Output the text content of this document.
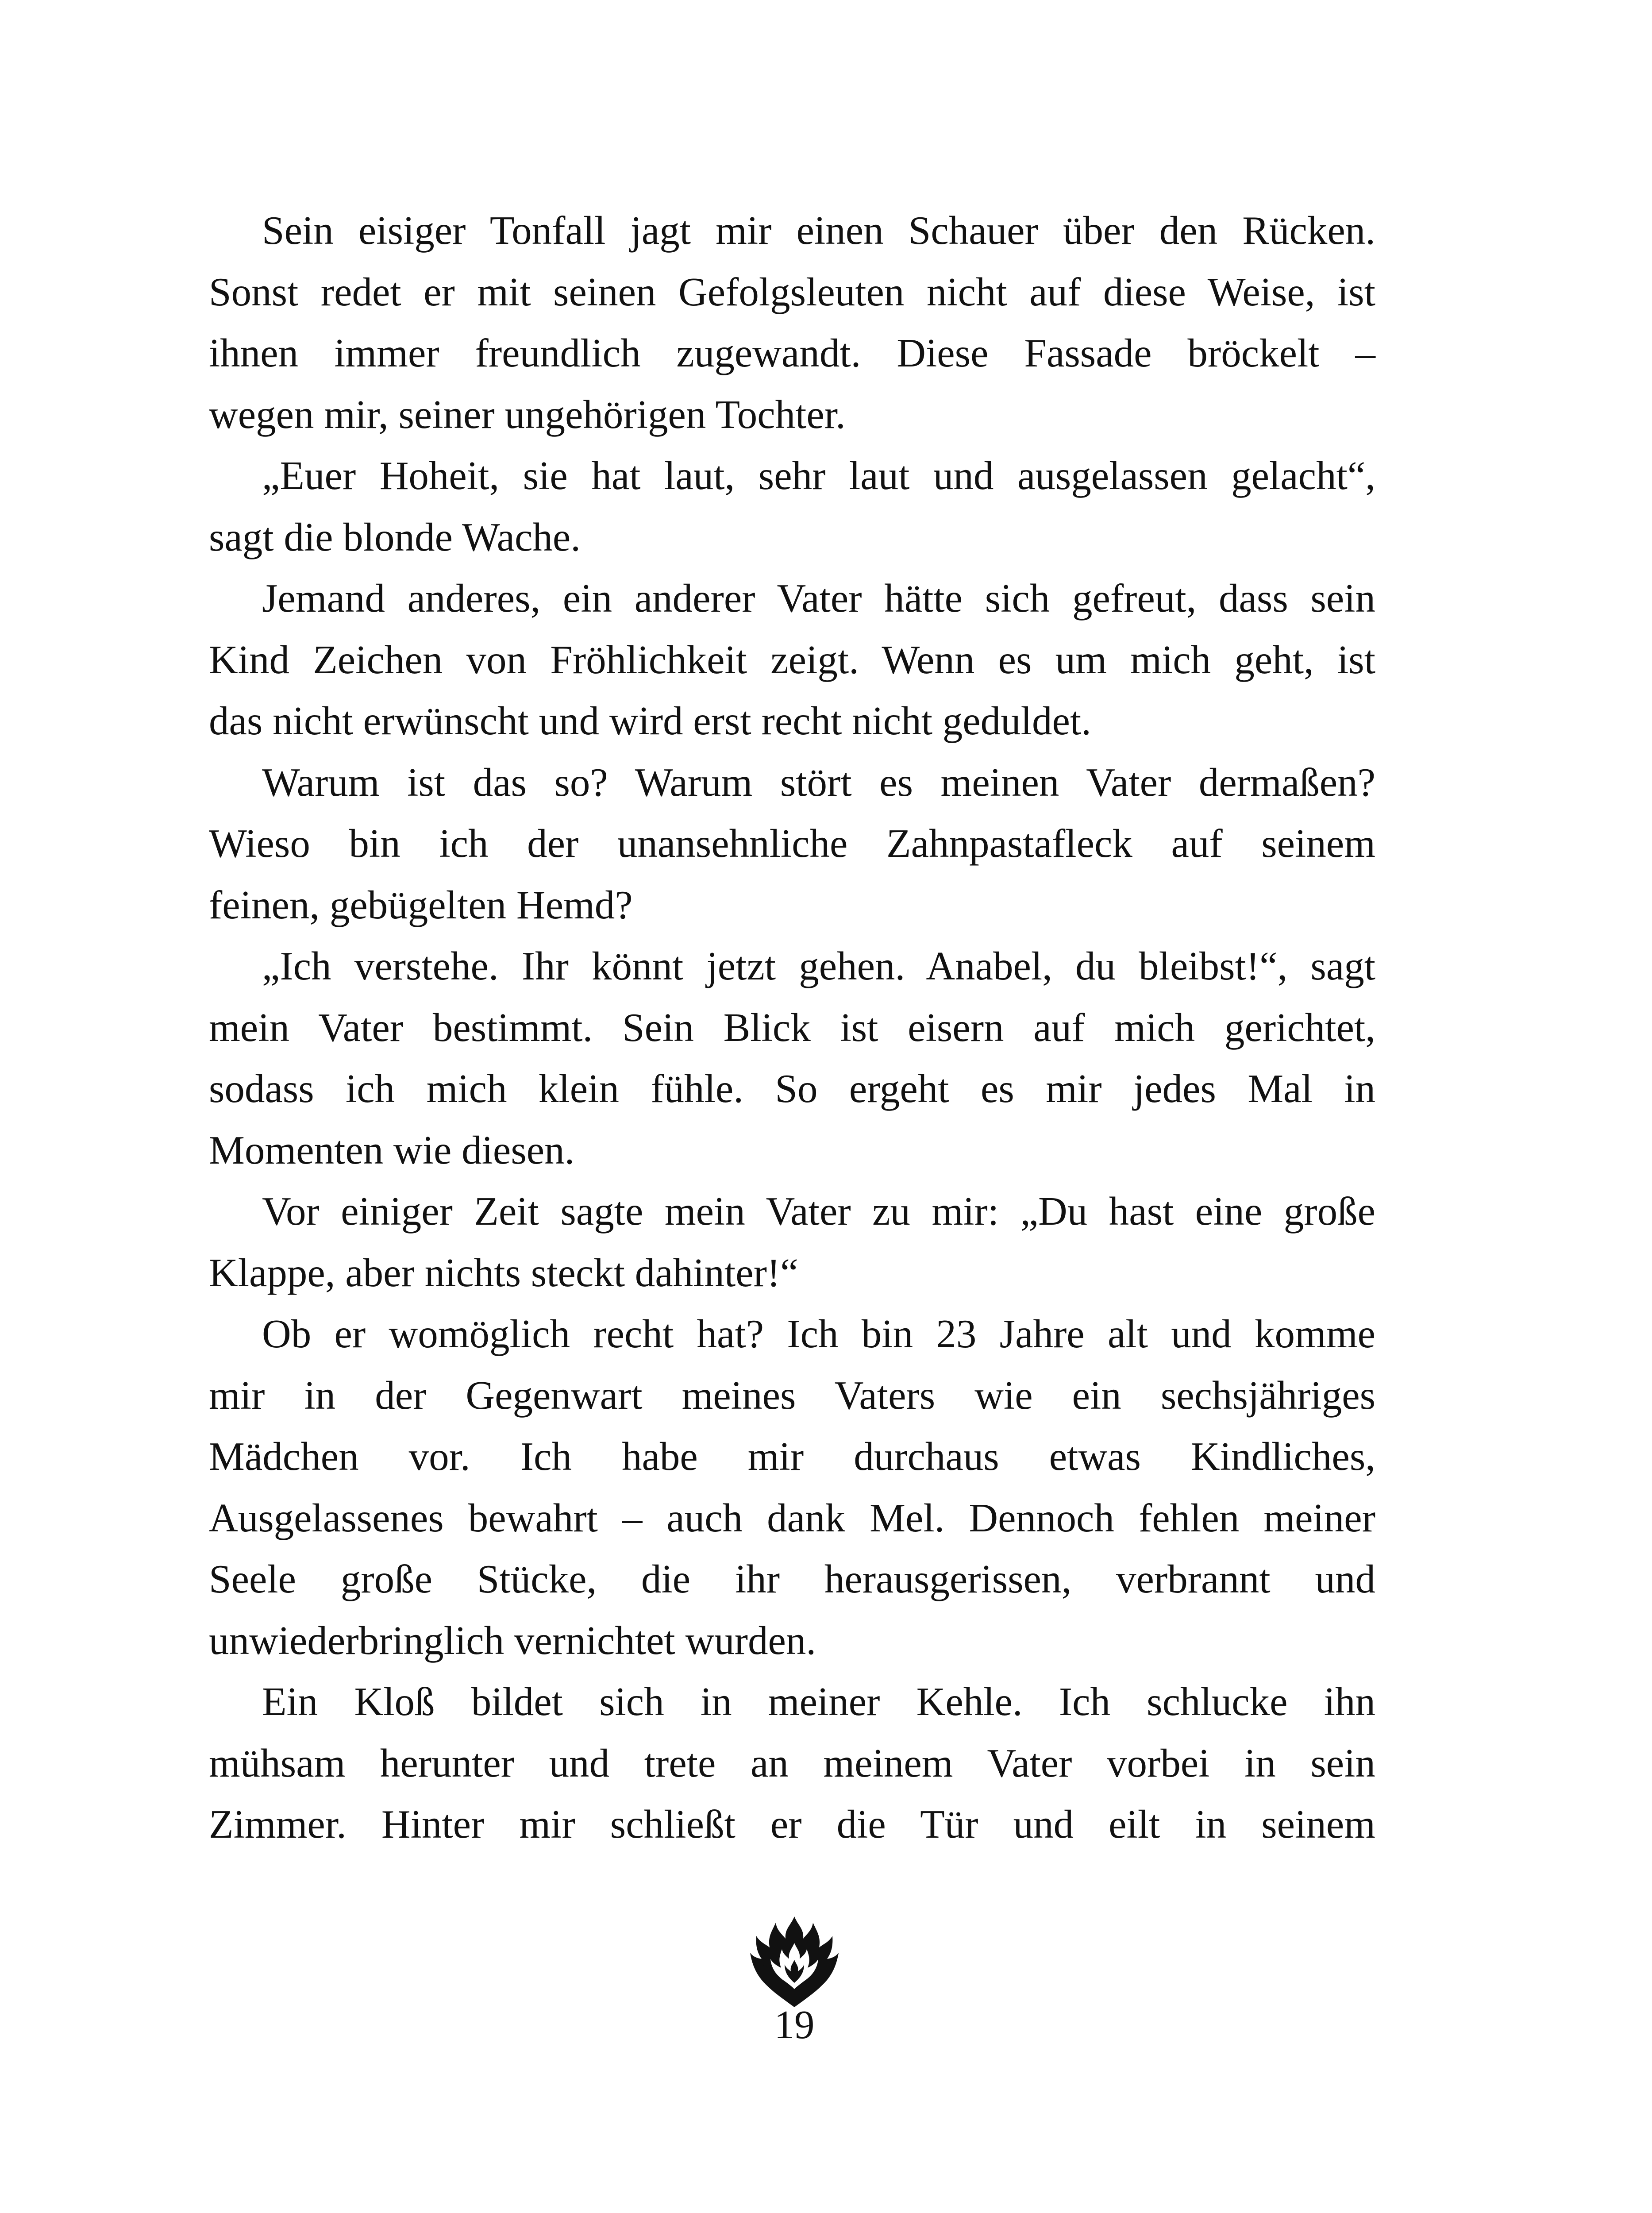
Sein eisiger Tonfall jagt mir einen Schauer über den Rücken.
Sonst redet er mit seinen Gefolgsleuten nicht auf diese Weise, ist
ihnen immer freundlich zugewandt. Diese Fassade bröckelt –
wegen mir, seiner ungehörigen Tochter.
„Euer Hoheit, sie hat laut, sehr laut und ausgelassen gelacht“,
sagt die blonde Wache.
Jemand anderes, ein anderer Vater hätte sich gefreut, dass sein
Kind Zeichen von Fröhlichkeit zeigt. Wenn es um mich geht, ist
das nicht erwünscht und wird erst recht nicht geduldet.
Warum ist das so? Warum stört es meinen Vater dermaßen?
Wieso bin ich der unansehnliche Zahnpastafleck auf seinem
feinen, gebügelten Hemd?
„Ich verstehe. Ihr könnt jetzt gehen. Anabel, du bleibst!“, sagt
mein Vater bestimmt. Sein Blick ist eisern auf mich gerichtet,
sodass ich mich klein fühle. So ergeht es mir jedes Mal in
Momenten wie diesen.
Vor einiger Zeit sagte mein Vater zu mir: „Du hast eine große
Klappe, aber nichts steckt dahinter!“
Ob er womöglich recht hat? Ich bin 23 Jahre alt und komme
mir in der Gegenwart meines Vaters wie ein sechsjähriges
Mädchen vor. Ich habe mir durchaus etwas Kindliches,
Ausgelassenes bewahrt – auch dank Mel. Dennoch fehlen meiner
Seele große Stücke, die ihr herausgerissen, verbrannt und
unwiederbringlich vernichtet wurden.
Ein Kloß bildet sich in meiner Kehle. Ich schlucke ihn
mühsam herunter und trete an meinem Vater vorbei in sein
Zimmer. Hinter mir schließt er die Tür und eilt in seinem
19
